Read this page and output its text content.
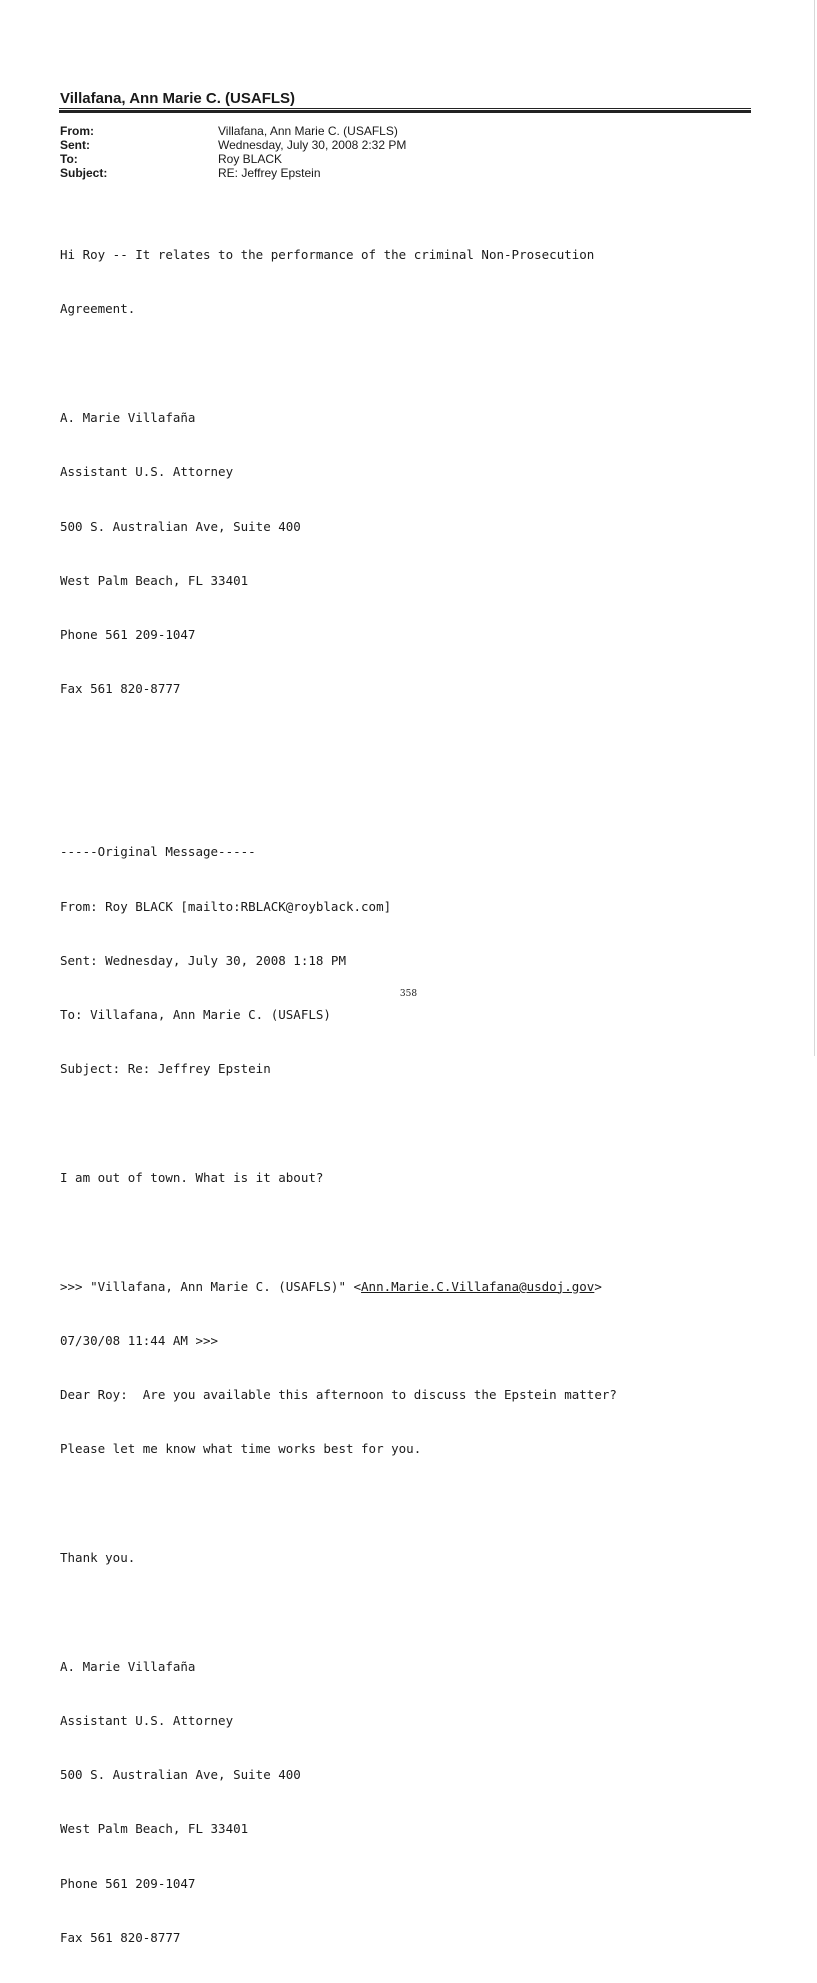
Villafana, Ann Marie C. (USAFLS)
From:	Villafana, Ann Marie C. (USAFLS)
Sent:	Wednesday, July 30, 2008 2:32 PM
To:	Roy BLACK
Subject:	RE: Jeffrey Epstein

Hi Roy -- It relates to the performance of the criminal Non-Prosecution

Agreement.

A. Marie Villafaña

Assistant U.S. Attorney

500 S. Australian Ave, Suite 400

West Palm Beach, FL 33401

Phone 561 209-1047

Fax 561 820-8777

-----Original Message-----

From: Roy BLACK [mailto:RBLACK@royblack.com]

Sent: Wednesday, July 30, 2008 1:18 PM

To: Villafana, Ann Marie C. (USAFLS)

Subject: Re: Jeffrey Epstein

I am out of town. What is it about?

>>> "Villafana, Ann Marie C. (USAFLS)" <Ann.Marie.C.Villafana@usdoj.gov>

07/30/08 11:44 AM >>>

Dear Roy:  Are you available this afternoon to discuss the Epstein matter?

Please let me know what time works best for you.

Thank you.

A. Marie Villafaña

Assistant U.S. Attorney

500 S. Australian Ave, Suite 400

West Palm Beach, FL 33401

Phone 561 209-1047

Fax 561 820-8777

358
